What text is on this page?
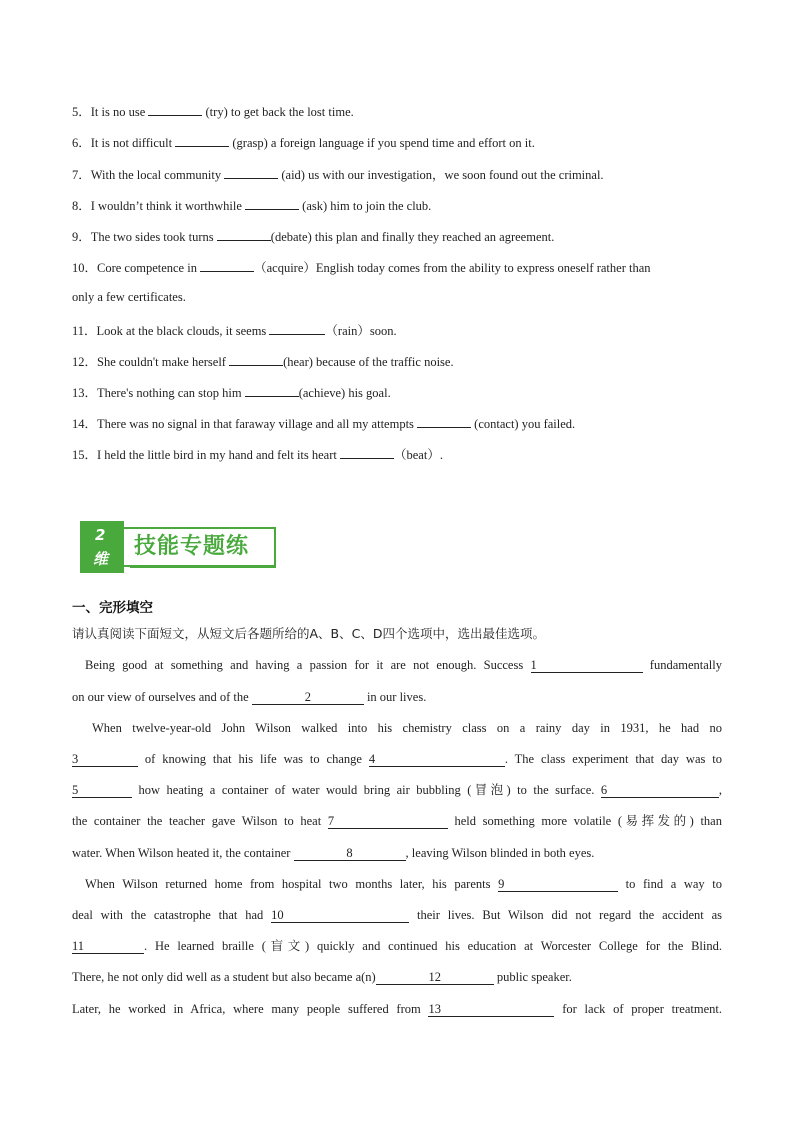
5．It is no use	(try) to get back the lost time.
6．It is not difficult	(grasp) a foreign language if you spend time and effort on it.
7．With the local community	(aid) us with our investigation，we soon found out the criminal.
8．I wouldn’t think it worthwhile	(ask) him to join the club.
9．The two sides took turns	(debate) this plan and finally they reached an agreement.
10．Core competence in	（acquire）English today comes from the ability to express oneself rather than
only a few certificates.
11．Look at the black clouds, it seems	（rain）soon.
12．She couldn't make herself	(hear) because of the traffic noise.
13．There's nothing can stop him	(achieve) his goal.
14．There was no signal in that faraway village and all my attempts	(contact) you failed.
15．I held the little bird in my hand and felt its heart	（beat）.
2
维 技能专题练
一、完形填空
请认真阅读下面短文，从短文后各题所给的A、B、C、D四个选项中，选出最佳选项。
Being good at something and having a passion for it are not enough. Success 1	fundamentally
on our view of ourselves and of the	2	in our lives.
When twelve-year-old John Wilson walked into his chemistry class on a rainy day in 1931, he had no
3	of knowing that his life was to change 4	. The class experiment that day was to
5	how heating a container of water would bring air bubbling (冒泡) to the surface. 6	,
the container the teacher gave Wilson to heat 7	held something more volatile (易挥发的) than
water. When Wilson heated it, the container	8	, leaving Wilson blinded in both eyes.
When Wilson returned home from hospital two months later, his parents 9	to find a way to
deal with the catastrophe that had 10	their lives. But Wilson did not regard the accident as
11	. He learned braille (盲文) quickly and continued his education at Worcester College for the Blind.
There, he not only did well as a student but also became a(n)	12	public speaker.
Later, he worked in Africa, where many people suffered from 13	for lack of proper treatment.
